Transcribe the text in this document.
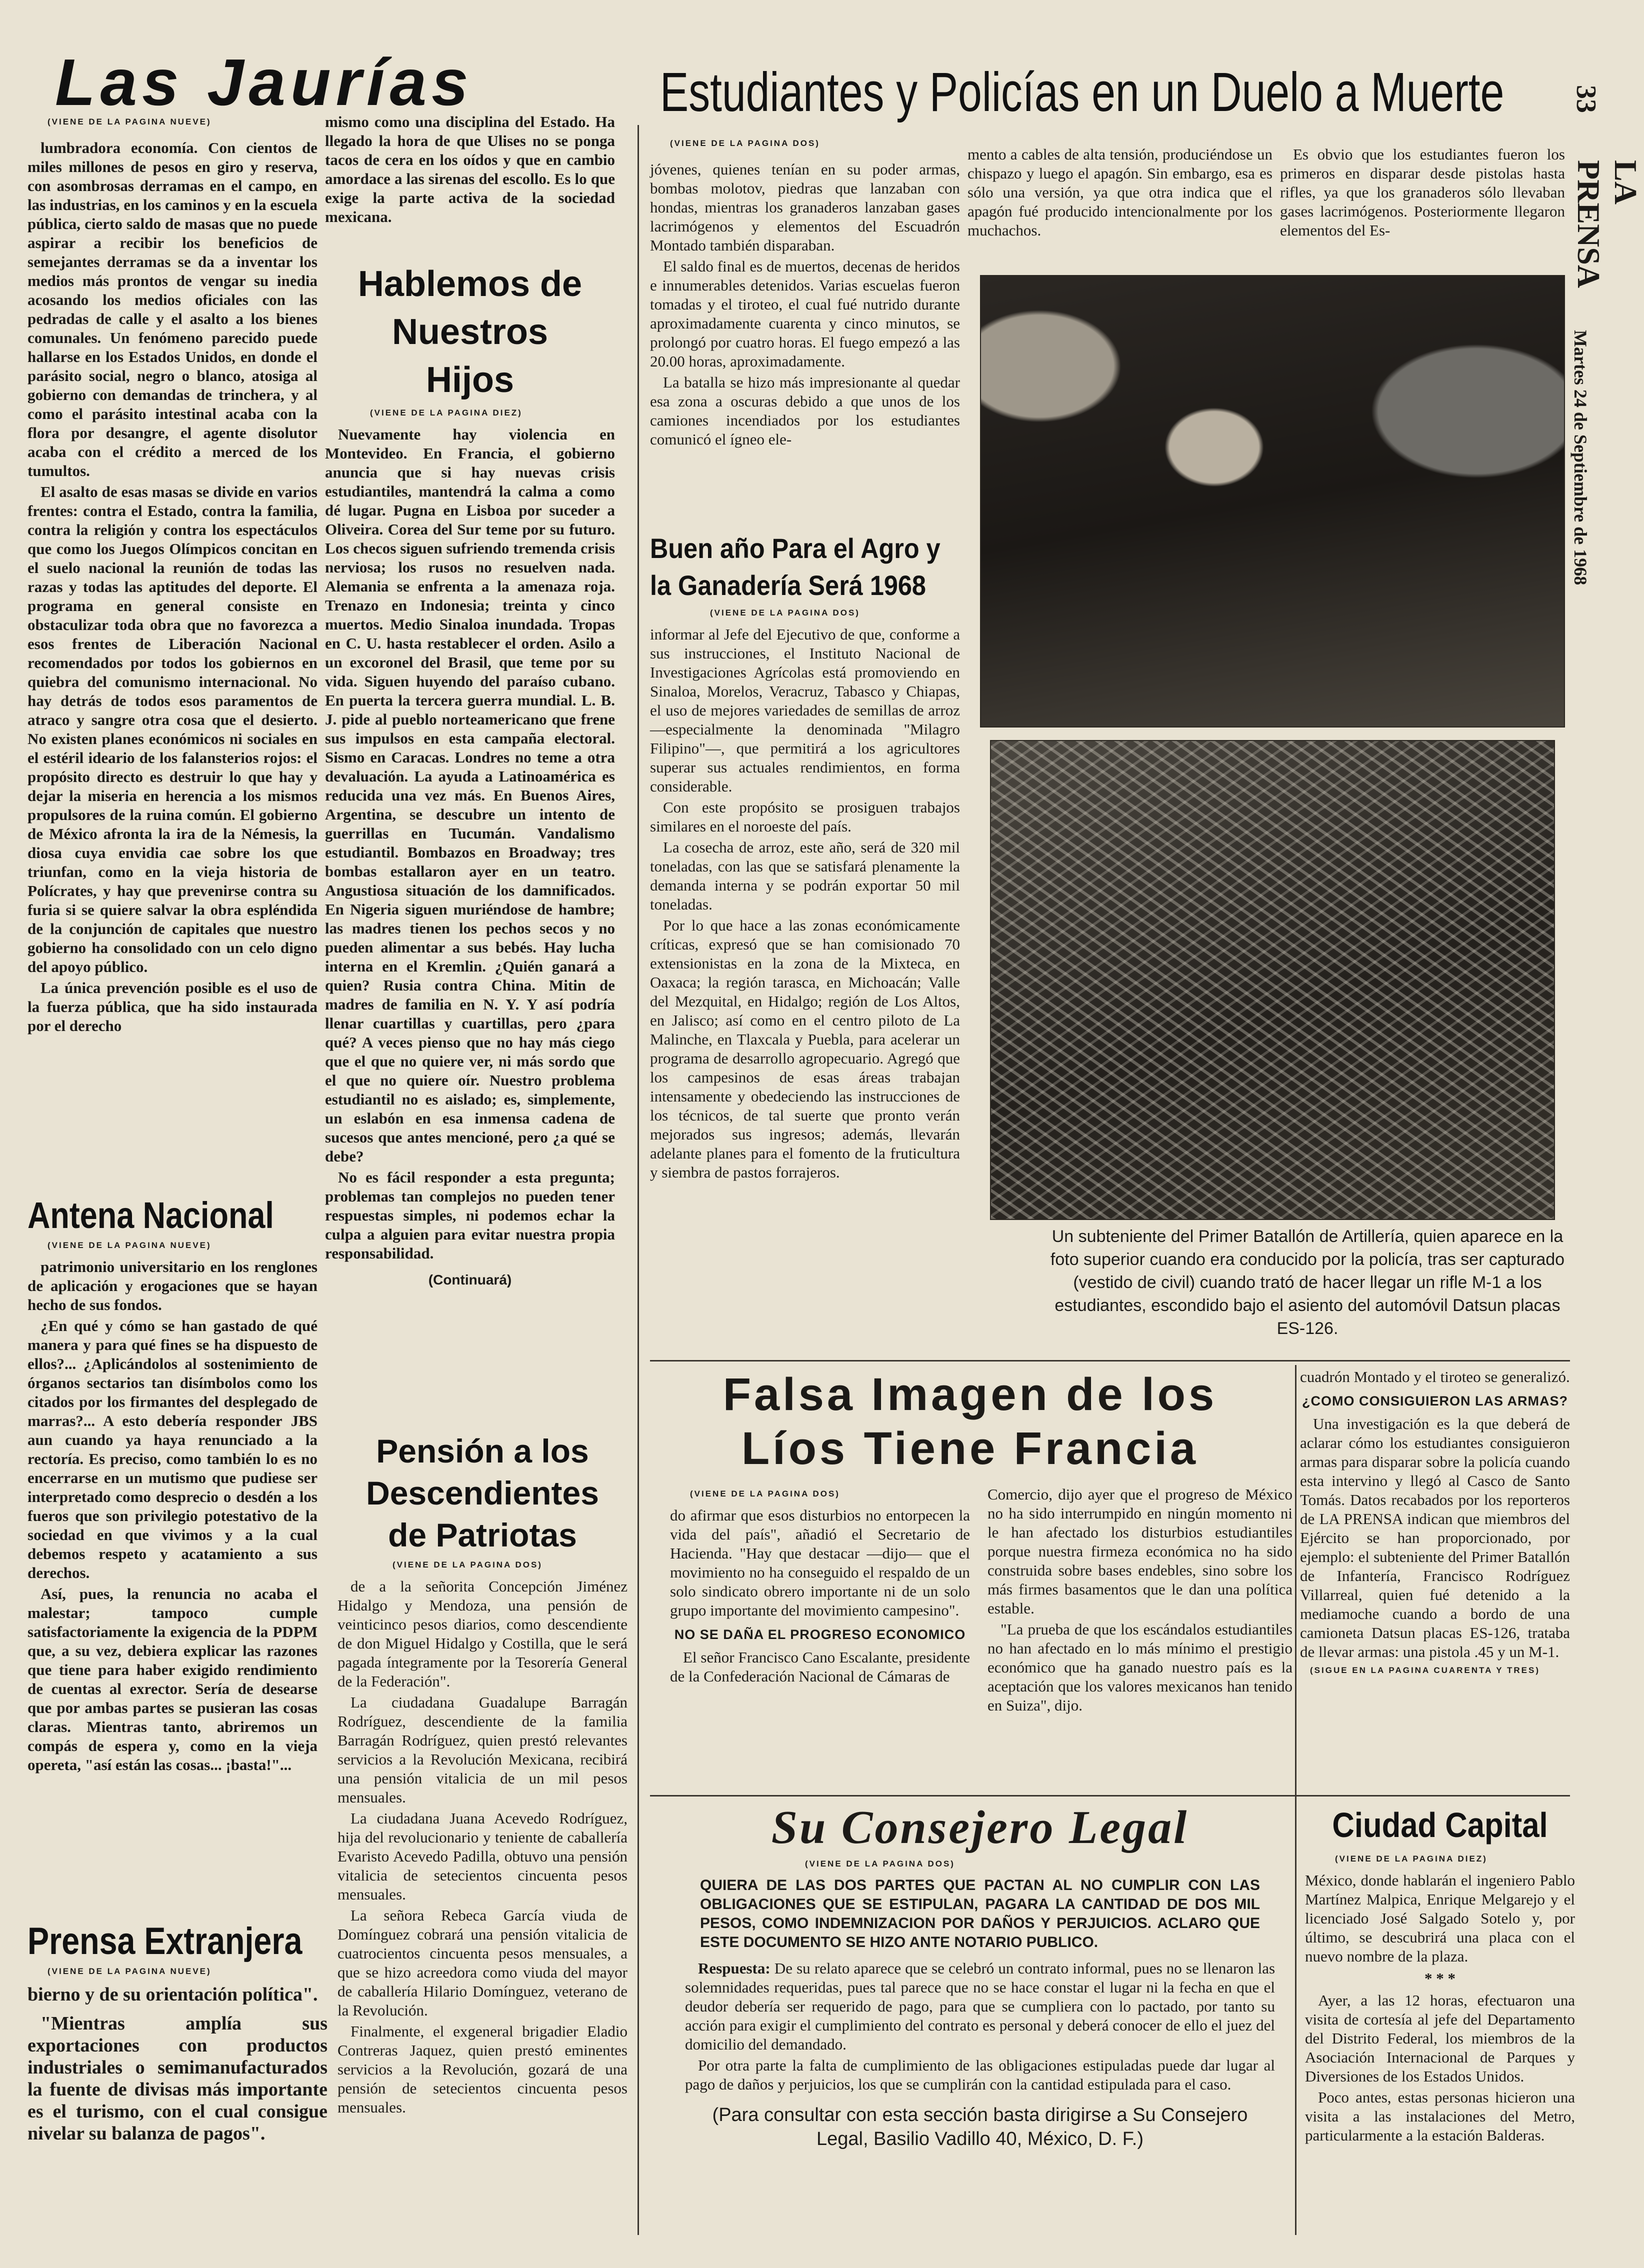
Las Jaurías	Estudiantes y Policías en un Duelo a Muerte 33
LA PRENSA
Martes 24 de Septiembre de 1968
(VIENE DE LA PAGINA NUEVE)

lumbradora economía. Con cientos de miles millones de pesos en giro y reserva, con asombrosas derramas en el campo, en las industrias, en los caminos y en la escuela pública, cierto saldo de masas que no puede aspirar a recibir los beneficios de semejantes derramas se da a inventar los medios más prontos de vengar su inedia acosando los medios oficiales con las pedradas de calle y el asalto a los bienes comunales. Un fenómeno parecido puede hallarse en los Estados Unidos, en donde el parásito social, negro o blanco, atosiga al gobierno con demandas de trinchera, y al como el parásito intestinal acaba con la flora por desangre, el agente disolutor acaba con el crédito a merced de los tumultos.

El asalto de esas masas se divide en varios frentes: contra el Estado, contra la familia, contra la religión y contra los espectáculos que como los Juegos Olímpicos concitan en el suelo nacional la reunión de todas las razas y todas las aptitudes del deporte. El programa en general consiste en obstaculizar toda obra que no favorezca a esos frentes de Liberación Nacional recomendados por todos los gobiernos en quiebra del comunismo internacional. No hay detrás de todos esos paramentos de atraco y sangre otra cosa que el desierto. No existen planes económicos ni sociales en el estéril ideario de los falansterios rojos: el propósito directo es destruir lo que hay y dejar la miseria en herencia a los mismos propulsores de la ruina común. El gobierno de México afronta la ira de la Némesis, la diosa cuya envidia cae sobre los que triunfan, como en la vieja historia de Polícrates, y hay que prevenirse contra su furia si se quiere salvar la obra espléndida de la conjunción de capitales que nuestro gobierno ha consolidado con un celo digno del apoyo público.

La única prevención posible es el uso de la fuerza pública, que ha sido instaurada por el derecho

Antena Nacional
(VIENE DE LA PAGINA NUEVE)

patrimonio universitario en los renglones de aplicación y erogaciones que se hayan hecho de sus fondos.

¿En qué y cómo se han gastado de qué manera y para qué fines se ha dispuesto de ellos?... ¿Aplicándolos al sostenimiento de órganos sectarios tan disímbolos como los citados por los firmantes del desplegado de marras?... A esto debería responder JBS aun cuando ya haya renunciado a la rectoría. Es preciso, como también lo es no encerrarse en un mutismo que pudiese ser interpretado como desprecio o desdén a los fueros que son privilegio potestativo de la sociedad en que vivimos y a la cual debemos respeto y acatamiento a sus derechos.

Así, pues, la renuncia no acaba el malestar; tampoco cumple satisfactoriamente la exigencia de la PDPM que, a su vez, debiera explicar las razones que tiene para haber exigido rendimiento de cuentas al exrector. Sería de desearse que por ambas partes se pusieran las cosas claras. Mientras tanto, abriremos un compás de espera y, como en la vieja opereta, "así están las cosas... ¡basta!"...

Prensa Extranjera
(VIENE DE LA PAGINA NUEVE)

bierno y de su orientación política".

"Mientras amplía sus exportaciones con productos industriales o semimanufacturados la fuente de divisas más importante es el turismo, con el cual consigue nivelar su balanza de pagos".

mismo como una disciplina del Estado. Ha llegado la hora de que Ulises no se ponga tacos de cera en los oídos y que en cambio amordace a las sirenas del escollo. Es lo que exige la parte activa de la sociedad mexicana.

Hablemos de Nuestros Hijos
(VIENE DE LA PAGINA DIEZ)

Nuevamente hay violencia en Montevideo. En Francia, el gobierno anuncia que si hay nuevas crisis estudiantiles, mantendrá la calma a como dé lugar. Pugna en Lisboa por suceder a Oliveira. Corea del Sur teme por su futuro. Los checos siguen sufriendo tremenda crisis nerviosa; los rusos no resuelven nada. Alemania se enfrenta a la amenaza roja. Trenazo en Indonesia; treinta y cinco muertos. Medio Sinaloa inundada. Tropas en C. U. hasta restablecer el orden. Asilo a un excoronel del Brasil, que teme por su vida. Siguen huyendo del paraíso cubano. En puerta la tercera guerra mundial. L. B. J. pide al pueblo norteamericano que frene sus impulsos en esta campaña electoral. Sismo en Caracas. Londres no teme a otra devaluación. La ayuda a Latinoamérica es reducida una vez más. En Buenos Aires, Argentina, se descubre un intento de guerrillas en Tucumán. Vandalismo estudiantil. Bombazos en Broadway; tres bombas estallaron ayer en un teatro. Angustiosa situación de los damnificados. En Nigeria siguen muriéndose de hambre; las madres tienen los pechos secos y no pueden alimentar a sus bebés. Hay lucha interna en el Kremlin. ¿Quién ganará a quien? Rusia contra China. Mitin de madres de familia en N. Y. Y así podría llenar cuartillas y cuartillas, pero ¿para qué? A veces pienso que no hay más ciego que el que no quiere ver, ni más sordo que el que no quiere oír. Nuestro problema estudiantil no es aislado; es, simplemente, un eslabón en esa inmensa cadena de sucesos que antes mencioné, pero ¿a qué se debe?

No es fácil responder a esta pregunta; problemas tan complejos no pueden tener respuestas simples, ni podemos echar la culpa a alguien para evitar nuestra propia responsabilidad.

(Continuará)
Pensión a los Descendientes de Patriotas
(VIENE DE LA PAGINA DOS)

de a la señorita Concepción Jiménez Hidalgo y Mendoza, una pensión de veinticinco pesos diarios, como descendiente de don Miguel Hidalgo y Costilla, que le será pagada íntegramente por la Tesorería General de la Federación".

La ciudadana Guadalupe Barragán Rodríguez, descendiente de la familia Barragán Rodríguez, quien prestó relevantes servicios a la Revolución Mexicana, recibirá una pensión vitalicia de un mil pesos mensuales.

La ciudadana Juana Acevedo Rodríguez, hija del revolucionario y teniente de caballería Evaristo Acevedo Padilla, obtuvo una pensión vitalicia de setecientos cincuenta pesos mensuales.

La señora Rebeca García viuda de Domínguez cobrará una pensión vitalicia de cuatrocientos cincuenta pesos mensuales, a que se hizo acreedora como viuda del mayor de caballería Hilario Domínguez, veterano de la Revolución.

Finalmente, el exgeneral brigadier Eladio Contreras Jaquez, quien prestó eminentes servicios a la Revolución, gozará de una pensión de setecientos cincuenta pesos mensuales.

(VIENE DE LA PAGINA DOS)

jóvenes, quienes tenían en su poder armas, bombas molotov, piedras que lanzaban con hondas, mientras los granaderos lanzaban gases lacrimógenos y elementos del Escuadrón Montado también disparaban.

El saldo final es de muertos, decenas de heridos e innumerables detenidos. Varias escuelas fueron tomadas y el tiroteo, el cual fué nutrido durante aproximadamente cuarenta y cinco minutos, se prolongó por cuatro horas. El fuego empezó a las 20.00 horas, aproximadamente.

La batalla se hizo más impresionante al quedar esa zona a oscuras debido a que unos de los camiones incendiados por los estudiantes comunicó el ígneo ele-

mento a cables de alta tensión, produciéndose un chispazo y luego el apagón. Sin embargo, esa es sólo una versión, ya que otra indica que el apagón fué producido intencionalmente por los muchachos.

Es obvio que los estudiantes fueron los primeros en disparar desde pistolas hasta rifles, ya que los granaderos sólo llevaban gases lacrimógenos. Posteriormente llegaron elementos del Es-

Buen año Para el Agro y la Ganadería Será 1968
(VIENE DE LA PAGINA DOS)

informar al Jefe del Ejecutivo de que, conforme a sus instrucciones, el Instituto Nacional de Investigaciones Agrícolas está promoviendo en Sinaloa, Morelos, Veracruz, Tabasco y Chiapas, el uso de mejores variedades de semillas de arroz —especialmente la denominada "Milagro Filipino"—, que permitirá a los agricultores superar sus actuales rendimientos, en forma considerable.

Con este propósito se prosiguen trabajos similares en el noroeste del país.

La cosecha de arroz, este año, será de 320 mil toneladas, con las que se satisfará plenamente la demanda interna y se podrán exportar 50 mil toneladas.

Por lo que hace a las zonas económicamente críticas, expresó que se han comisionado 70 extensionistas en la zona de la Mixteca, en Oaxaca; la región tarasca, en Michoacán; Valle del Mezquital, en Hidalgo; región de Los Altos, en Jalisco; así como en el centro piloto de La Malinche, en Tlaxcala y Puebla, para acelerar un programa de desarrollo agropecuario. Agregó que los campesinos de esas áreas trabajan intensamente y obedeciendo las instrucciones de los técnicos, de tal suerte que pronto verán mejorados sus ingresos; además, llevarán adelante planes para el fomento de la fruticultura y siembra de pastos forrajeros.

Un subteniente del Primer Batallón de Artillería, quien aparece en la foto superior cuando era conducido por la policía, tras ser capturado (vestido de civil) cuando trató de hacer llegar un rifle M-1 a los estudiantes, escondido bajo el asiento del automóvil Datsun placas ES-126.
Falsa Imagen de los Líos Tiene Francia
(VIENE DE LA PAGINA DOS)

do afirmar que esos disturbios no entorpecen la vida del país", añadió el Secretario de Hacienda. "Hay que destacar —dijo— que el movimiento no ha conseguido el respaldo de un solo sindicato obrero importante ni de un solo grupo importante del movimiento campesino".

NO SE DAÑA EL PROGRESO ECONOMICO

El señor Francisco Cano Escalante, presidente de la Confederación Nacional de Cámaras de

Comercio, dijo ayer que el progreso de México no ha sido interrumpido en ningún momento ni le han afectado los disturbios estudiantiles porque nuestra firmeza económica no ha sido construida sobre bases endebles, sino sobre los más firmes basamentos que le dan una política estable.

"La prueba de que los escándalos estudiantiles no han afectado en lo más mínimo el prestigio económico que ha ganado nuestro país es la aceptación que los valores mexicanos han tenido en Suiza", dijo.

cuadrón Montado y el tiroteo se generalizó.

¿COMO CONSIGUIERON LAS ARMAS?

Una investigación es la que deberá de aclarar cómo los estudiantes consiguieron armas para disparar sobre la policía cuando esta intervino y llegó al Casco de Santo Tomás. Datos recabados por los reporteros de LA PRENSA indican que miembros del Ejército se han proporcionado, por ejemplo: el subteniente del Primer Batallón de Infantería, Francisco Rodríguez Villarreal, quien fué detenido a la mediamoche cuando a bordo de una camioneta Datsun placas ES-126, trataba de llevar armas: una pistola .45 y un M-1.

(SIGUE EN LA PAGINA CUARENTA Y TRES)
Su Consejero Legal
(VIENE DE LA PAGINA DOS)
QUIERA DE LAS DOS PARTES QUE PACTAN AL NO CUMPLIR CON LAS OBLIGACIONES QUE SE ESTIPULAN, PAGARA LA CANTIDAD DE DOS MIL PESOS, COMO INDEMNIZACION POR DAÑOS Y PERJUICIOS. ACLARO QUE ESTE DOCUMENTO SE HIZO ANTE NOTARIO PUBLICO.

Respuesta: De su relato aparece que se celebró un contrato informal, pues no se llenaron las solemnidades requeridas, pues tal parece que no se hace constar el lugar ni la fecha en que el deudor debería ser requerido de pago, para que se cumpliera con lo pactado, por tanto su acción para exigir el cumplimiento del contrato es personal y deberá conocer de ello el juez del domicilio del demandado.

Por otra parte la falta de cumplimiento de las obligaciones estipuladas puede dar lugar al pago de daños y perjuicios, los que se cumplirán con la cantidad estipulada para el caso.

(Para consultar con esta sección basta dirigirse a Su Consejero Legal, Basilio Vadillo 40, México, D. F.)
Ciudad Capital
(VIENE DE LA PAGINA DIEZ)

México, donde hablarán el ingeniero Pablo Martínez Malpica, Enrique Melgarejo y el licenciado José Salgado Sotelo y, por último, se descubrirá una placa con el nuevo nombre de la plaza.

* * *

Ayer, a las 12 horas, efectuaron una visita de cortesía al jefe del Departamento del Distrito Federal, los miembros de la Asociación Internacional de Parques y Diversiones de los Estados Unidos.

Poco antes, estas personas hicieron una visita a las instalaciones del Metro, particularmente a la estación Balderas.
